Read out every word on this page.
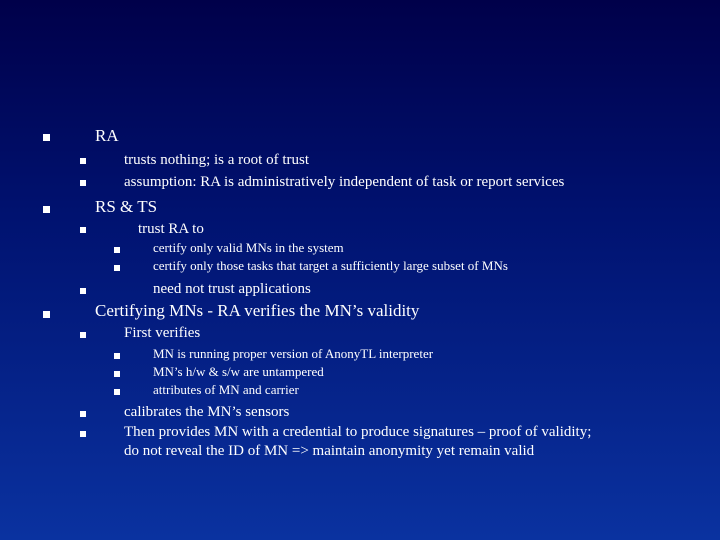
RA
trusts nothing; is a root of trust
assumption: RA is administratively independent of task or report services
RS & TS
trust RA to
certify only valid MNs in the system
certify only those tasks that target a sufficiently large subset of MNs
need not trust applications
Certifying MNs - RA verifies the MN’s validity
First verifies
MN is running proper version of AnonyTL interpreter
MN’s h/w & s/w are untampered
attributes of MN and carrier
calibrates the MN’s sensors
Then provides MN with a credential to produce signatures – proof of validity;
do not reveal the ID of MN => maintain anonymity yet remain valid
